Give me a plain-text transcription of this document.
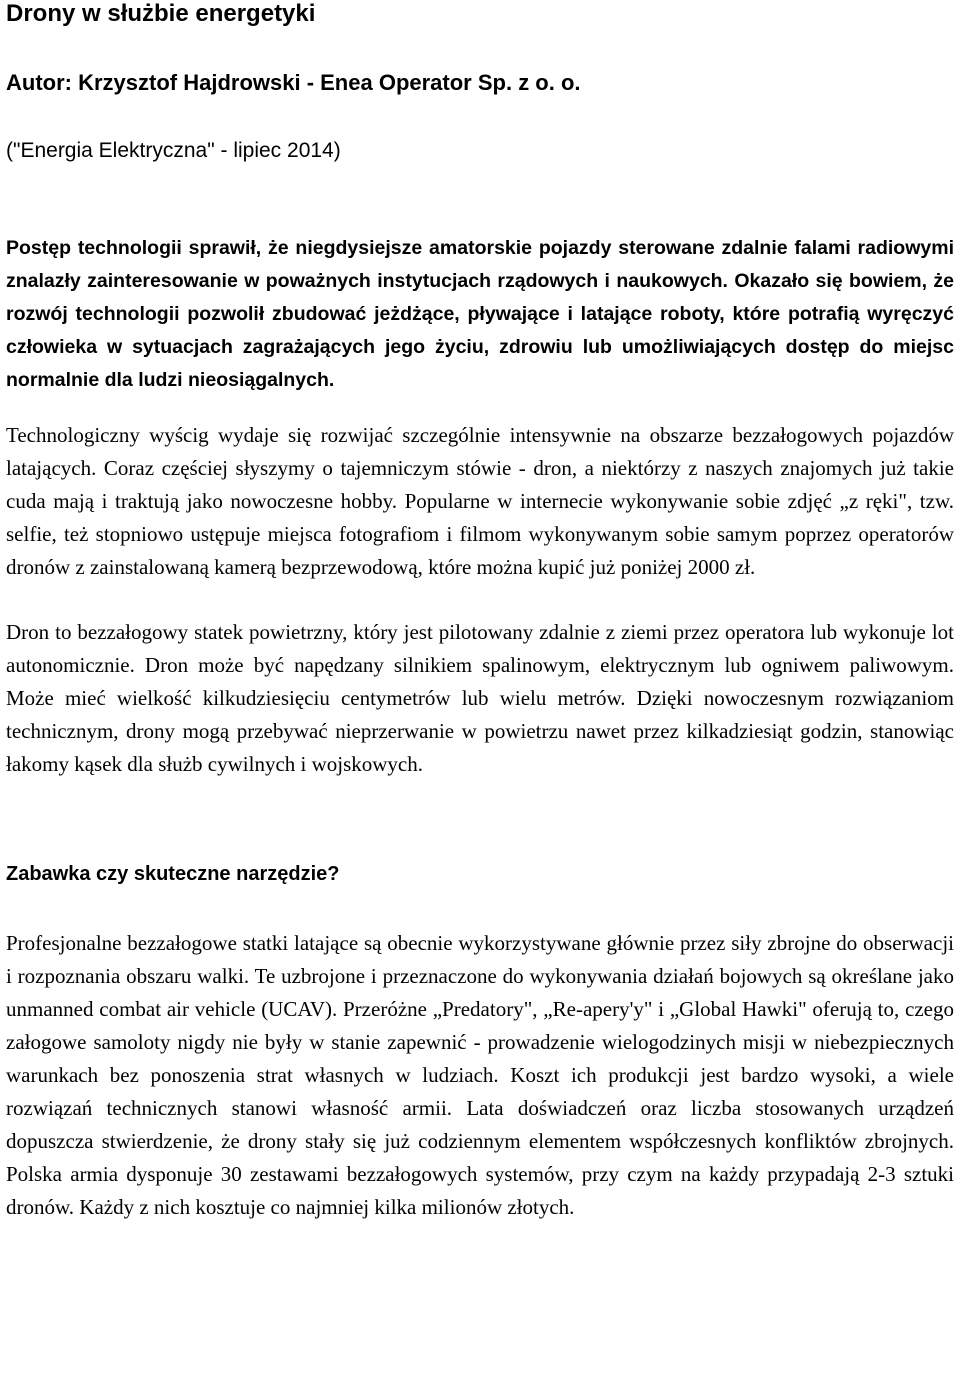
Drony w służbie energetyki
Autor: Krzysztof Hajdrowski - Enea Operator Sp. z o. o.
("Energia Elektryczna" - lipiec 2014)

Postęp technologii sprawił, że niegdysiejsze amatorskie pojazdy sterowane zdalnie falami radiowymi znalazły zainteresowanie w poważnych instytucjach rządowych i naukowych. Okazało się bowiem, że rozwój technologii pozwolił zbudować jeżdżące, pływające i latające roboty, które potrafią wyręczyć człowieka w sytuacjach zagrażających jego życiu, zdrowiu lub umożliwiających dostęp do miejsc normalnie dla ludzi nieosiągalnych.

Technologiczny wyścig wydaje się rozwijać szczególnie intensywnie na obszarze bezzałogowych pojazdów latających. Coraz częściej słyszymy o tajemniczym stówie - dron, a niektórzy z naszych znajomych już takie cuda mają i traktują jako nowoczesne hobby. Popularne w internecie wykonywanie sobie zdjęć „z ręki", tzw. selfie, też stopniowo ustępuje miejsca fotografiom i filmom wykonywanym sobie samym poprzez operatorów dronów z zainstalowaną kamerą bezprzewodową, które można kupić już poniżej 2000 zł.

Dron to bezzałogowy statek powietrzny, który jest pilotowany zdalnie z ziemi przez operatora lub wykonuje lot autonomicznie. Dron może być napędzany silnikiem spalinowym, elektrycznym lub ogniwem paliwowym. Może mieć wielkość kilkudziesięciu centymetrów lub wielu metrów. Dzięki nowoczesnym rozwiązaniom technicznym, drony mogą przebywać nieprzerwanie w powietrzu nawet przez kilkadziesiąt godzin, stanowiąc łakomy kąsek dla służb cywilnych i wojskowych.

Zabawka czy skuteczne narzędzie?

Profesjonalne bezzałogowe statki latające są obecnie wykorzystywane głównie przez siły zbrojne do obserwacji i rozpoznania obszaru walki. Te uzbrojone i przeznaczone do wykonywania działań bojowych są określane jako unmanned combat air vehicle (UCAV). Przeróżne „Predatory", „Re-apery'y" i „Global Hawki" oferują to, czego załogowe samoloty nigdy nie były w stanie zapewnić - prowadzenie wielogodzinych misji w niebezpiecznych warunkach bez ponoszenia strat własnych w ludziach. Koszt ich produkcji jest bardzo wysoki, a wiele rozwiązań technicznych stanowi własność armii. Lata doświadczeń oraz liczba stosowanych urządzeń dopuszcza stwierdzenie, że drony stały się już codziennym elementem współczesnych konfliktów zbrojnych. Polska armia dysponuje 30 zestawami bezzałogowych systemów, przy czym na każdy przypadają 2-3 sztuki dronów. Każdy z nich kosztuje co najmniej kilka milionów złotych.
